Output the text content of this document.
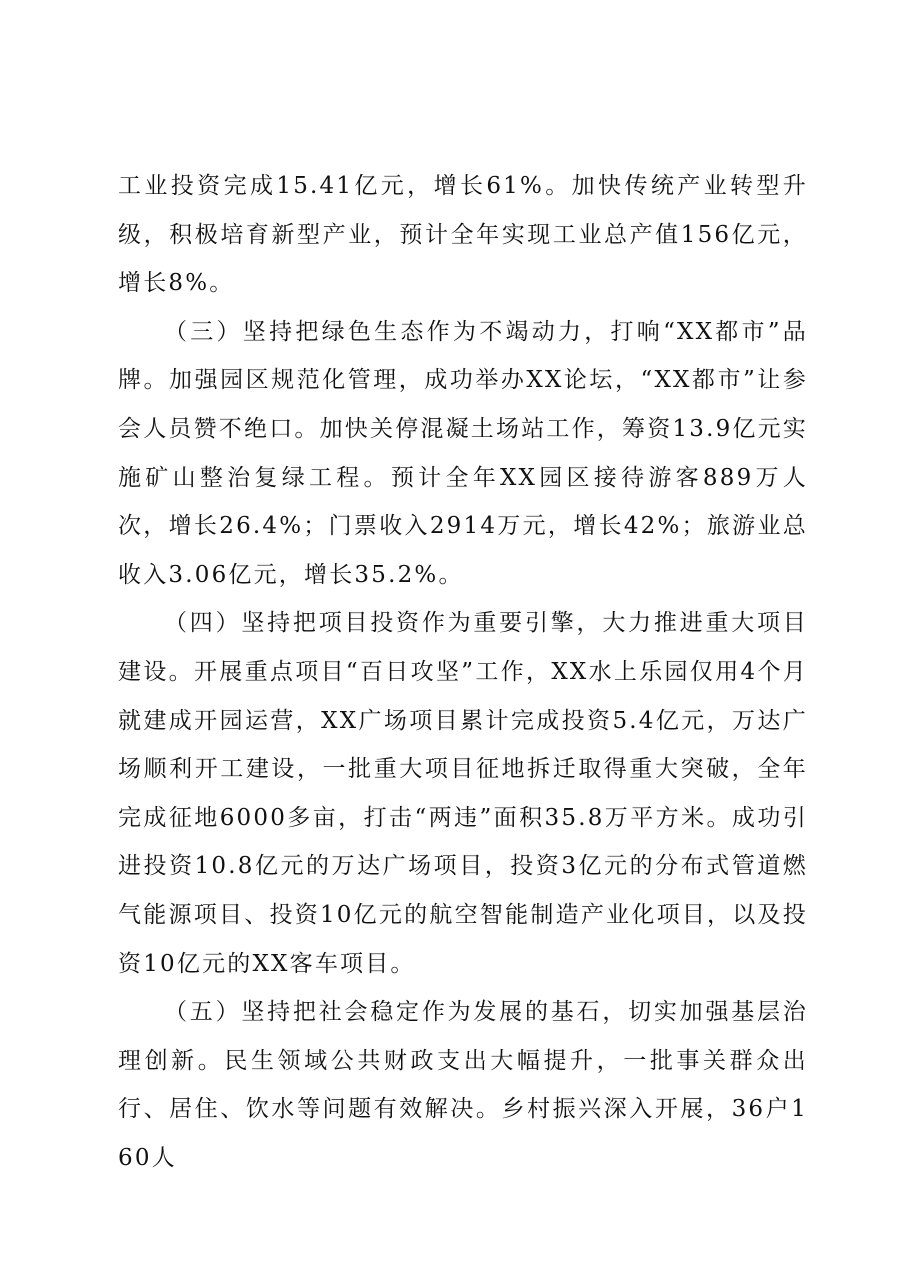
工业投资完成15.41亿元，增长61%。加快传统产业转型升级，积极培育新型产业，预计全年实现工业总产值156亿元，增长8%。

（三）坚持把绿色生态作为不竭动力，打响“XX都市”品牌。加强园区规范化管理，成功举办XX论坛，“XX都市”让参会人员赞不绝口。加快关停混凝土场站工作，筹资13.9亿元实施矿山整治复绿工程。预计全年XX园区接待游客889万人次，增长26.4%；门票收入2914万元，增长42%；旅游业总收入3.06亿元，增长35.2%。

（四）坚持把项目投资作为重要引擎，大力推进重大项目建设。开展重点项目“百日攻坚”工作，XX水上乐园仅用4个月就建成开园运营，XX广场项目累计完成投资5.4亿元，万达广场顺利开工建设，一批重大项目征地拆迁取得重大突破，全年完成征地6000多亩，打击“两违”面积35.8万平方米。成功引进投资10.8亿元的万达广场项目，投资3亿元的分布式管道燃气能源项目、投资10亿元的航空智能制造产业化项目，以及投资10亿元的XX客车项目。

（五）坚持把社会稳定作为发展的基石，切实加强基层治理创新。民生领域公共财政支出大幅提升，一批事关群众出行、居住、饮水等问题有效解决。乡村振兴深入开展，36户160人
